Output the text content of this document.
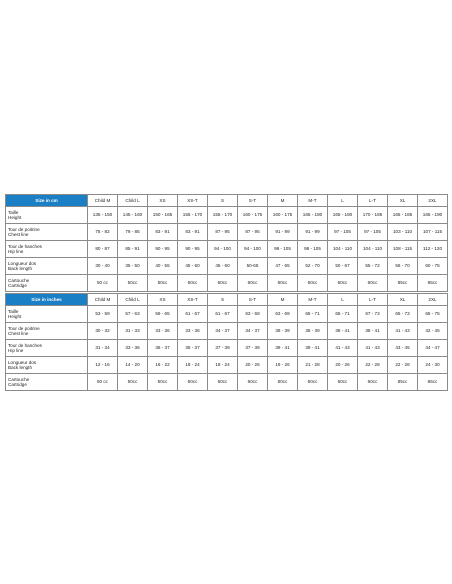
Size in cm	Child M	Child L	XS	XS-T	S	S-T	M	M-T	L	L-T	XL	2XL

Taille
Height	135 - 150	145 - 160	150 - 165	155 - 170	155 - 170	160 - 175	160 - 175	165 - 180	165 - 180	170 - 185	165 - 185	165 - 190

Tour de poitrine
Chest line	75 - 82	79 - 85	83 - 91	83 - 91	87 - 95	87 - 95	91 - 99	91 - 99	97 - 105	97 - 105	103 - 110	107 - 115

Tour de hanches
Hip line	80 - 87	85 - 91	90 - 95	90 - 95	94 - 100	94 - 100	98 - 105	98 - 105	104 - 110	104 - 110	108 - 115	112 - 120

Longueur dos
Back length	30 - 40	35 - 50	40 - 55	45 - 60	45 - 60	50-65	47 - 65	52 - 70	50 - 67	55 - 72	56 - 70	60 - 75

Cartouche
Cartridge	50 cc	50cc	50cc	60cc	60cc	60cc	60cc	60cc	60cc	60cc	85cc	85cc
Size in inches	Child M	Child L	XS	XS-T	S	S-T	M	M-T	L	L-T	XL	2XL

Taille
Height	53 - 59	57 - 63	59 - 65	61 - 67	61 - 67	63 - 69	63 - 69	65 - 71	65 - 71	67 - 73	65 - 73	65 - 75

Tour de poitrine
Chest line	30 - 32	31 - 33	33 - 36	33 - 36	34 - 37	34 - 37	36 - 39	36 - 39	38 - 41	38 - 41	41 - 43	42 - 45

Tour de hanches
Hip line	31 - 34	33 - 36	35 - 37	35 - 37	37 - 39	37 - 39	39 - 41	39 - 41	41 - 43	41 - 43	43 - 45	44 - 47

Longueur dos
Back length	12 - 16	14 - 20	16 - 22	18 - 24	18 - 24	20 - 26	19 - 26	21 - 28	20 - 26	22 - 28	22 - 28	24 - 30

Cartouche
Cartridge	50 cc	50cc	50cc	60cc	60cc	60cc	60cc	60cc	60cc	60cc	85cc	85cc
